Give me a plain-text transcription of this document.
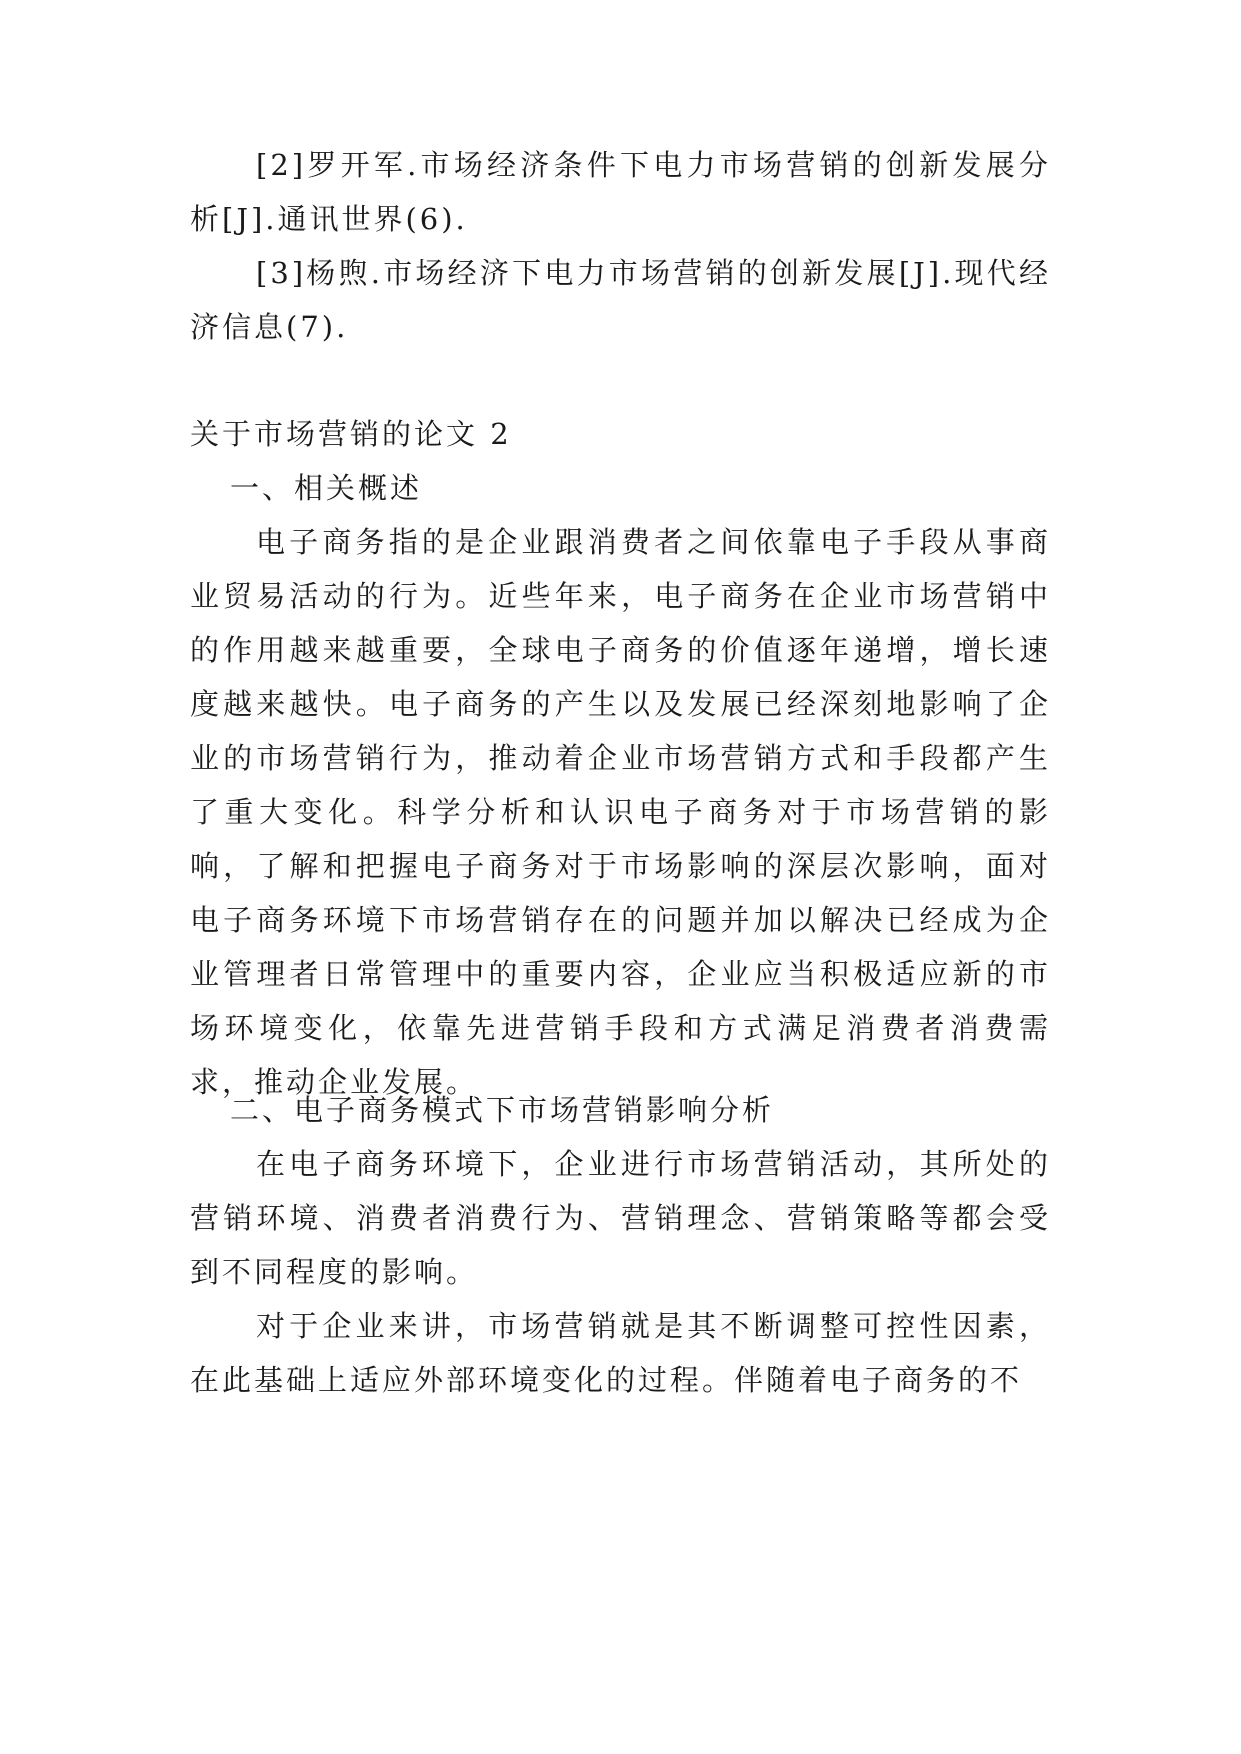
[2]罗开军.市场经济条件下电力市场营销的创新发展分析[J].通讯世界(6).

[3]杨煦.市场经济下电力市场营销的创新发展[J].现代经济信息(7).

关于市场营销的论文 2

一、相关概述

电子商务指的是企业跟消费者之间依靠电子手段从事商业贸易活动的行为。近些年来，电子商务在企业市场营销中的作用越来越重要，全球电子商务的价值逐年递增，增长速度越来越快。电子商务的产生以及发展已经深刻地影响了企业的市场营销行为，推动着企业市场营销方式和手段都产生了重大变化。科学分析和认识电子商务对于市场营销的影响，了解和把握电子商务对于市场影响的深层次影响，面对电子商务环境下市场营销存在的问题并加以解决已经成为企业管理者日常管理中的重要内容，企业应当积极适应新的市场环境变化，依靠先进营销手段和方式满足消费者消费需求，推动企业发展。

二、电子商务模式下市场营销影响分析

在电子商务环境下，企业进行市场营销活动，其所处的营销环境、消费者消费行为、营销理念、营销策略等都会受到不同程度的影响。

对于企业来讲，市场营销就是其不断调整可控性因素，在此基础上适应外部环境变化的过程。伴随着电子商务的不
